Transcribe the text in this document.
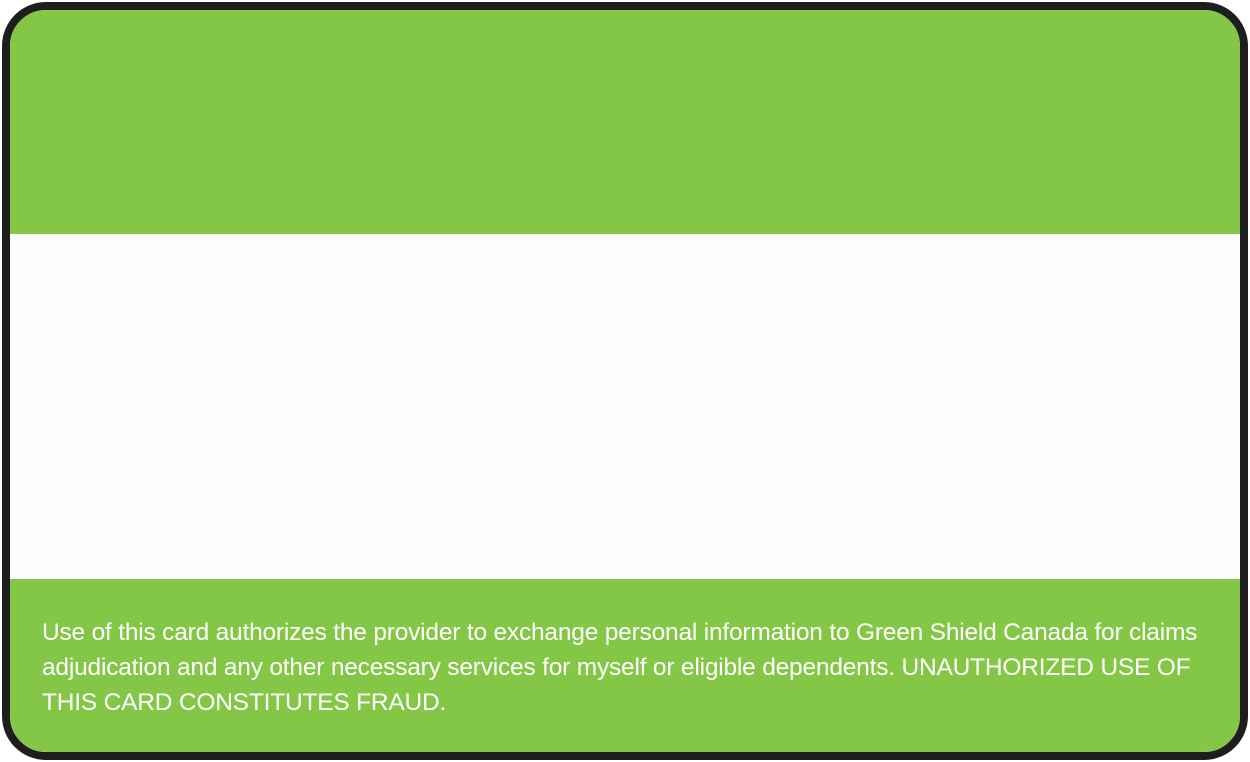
Use of this card authorizes the provider to exchange personal information to Green Shield Canada for claims adjudication and any other necessary services for myself or eligible dependents. UNAUTHORIZED USE OF THIS CARD CONSTITUTES FRAUD.
